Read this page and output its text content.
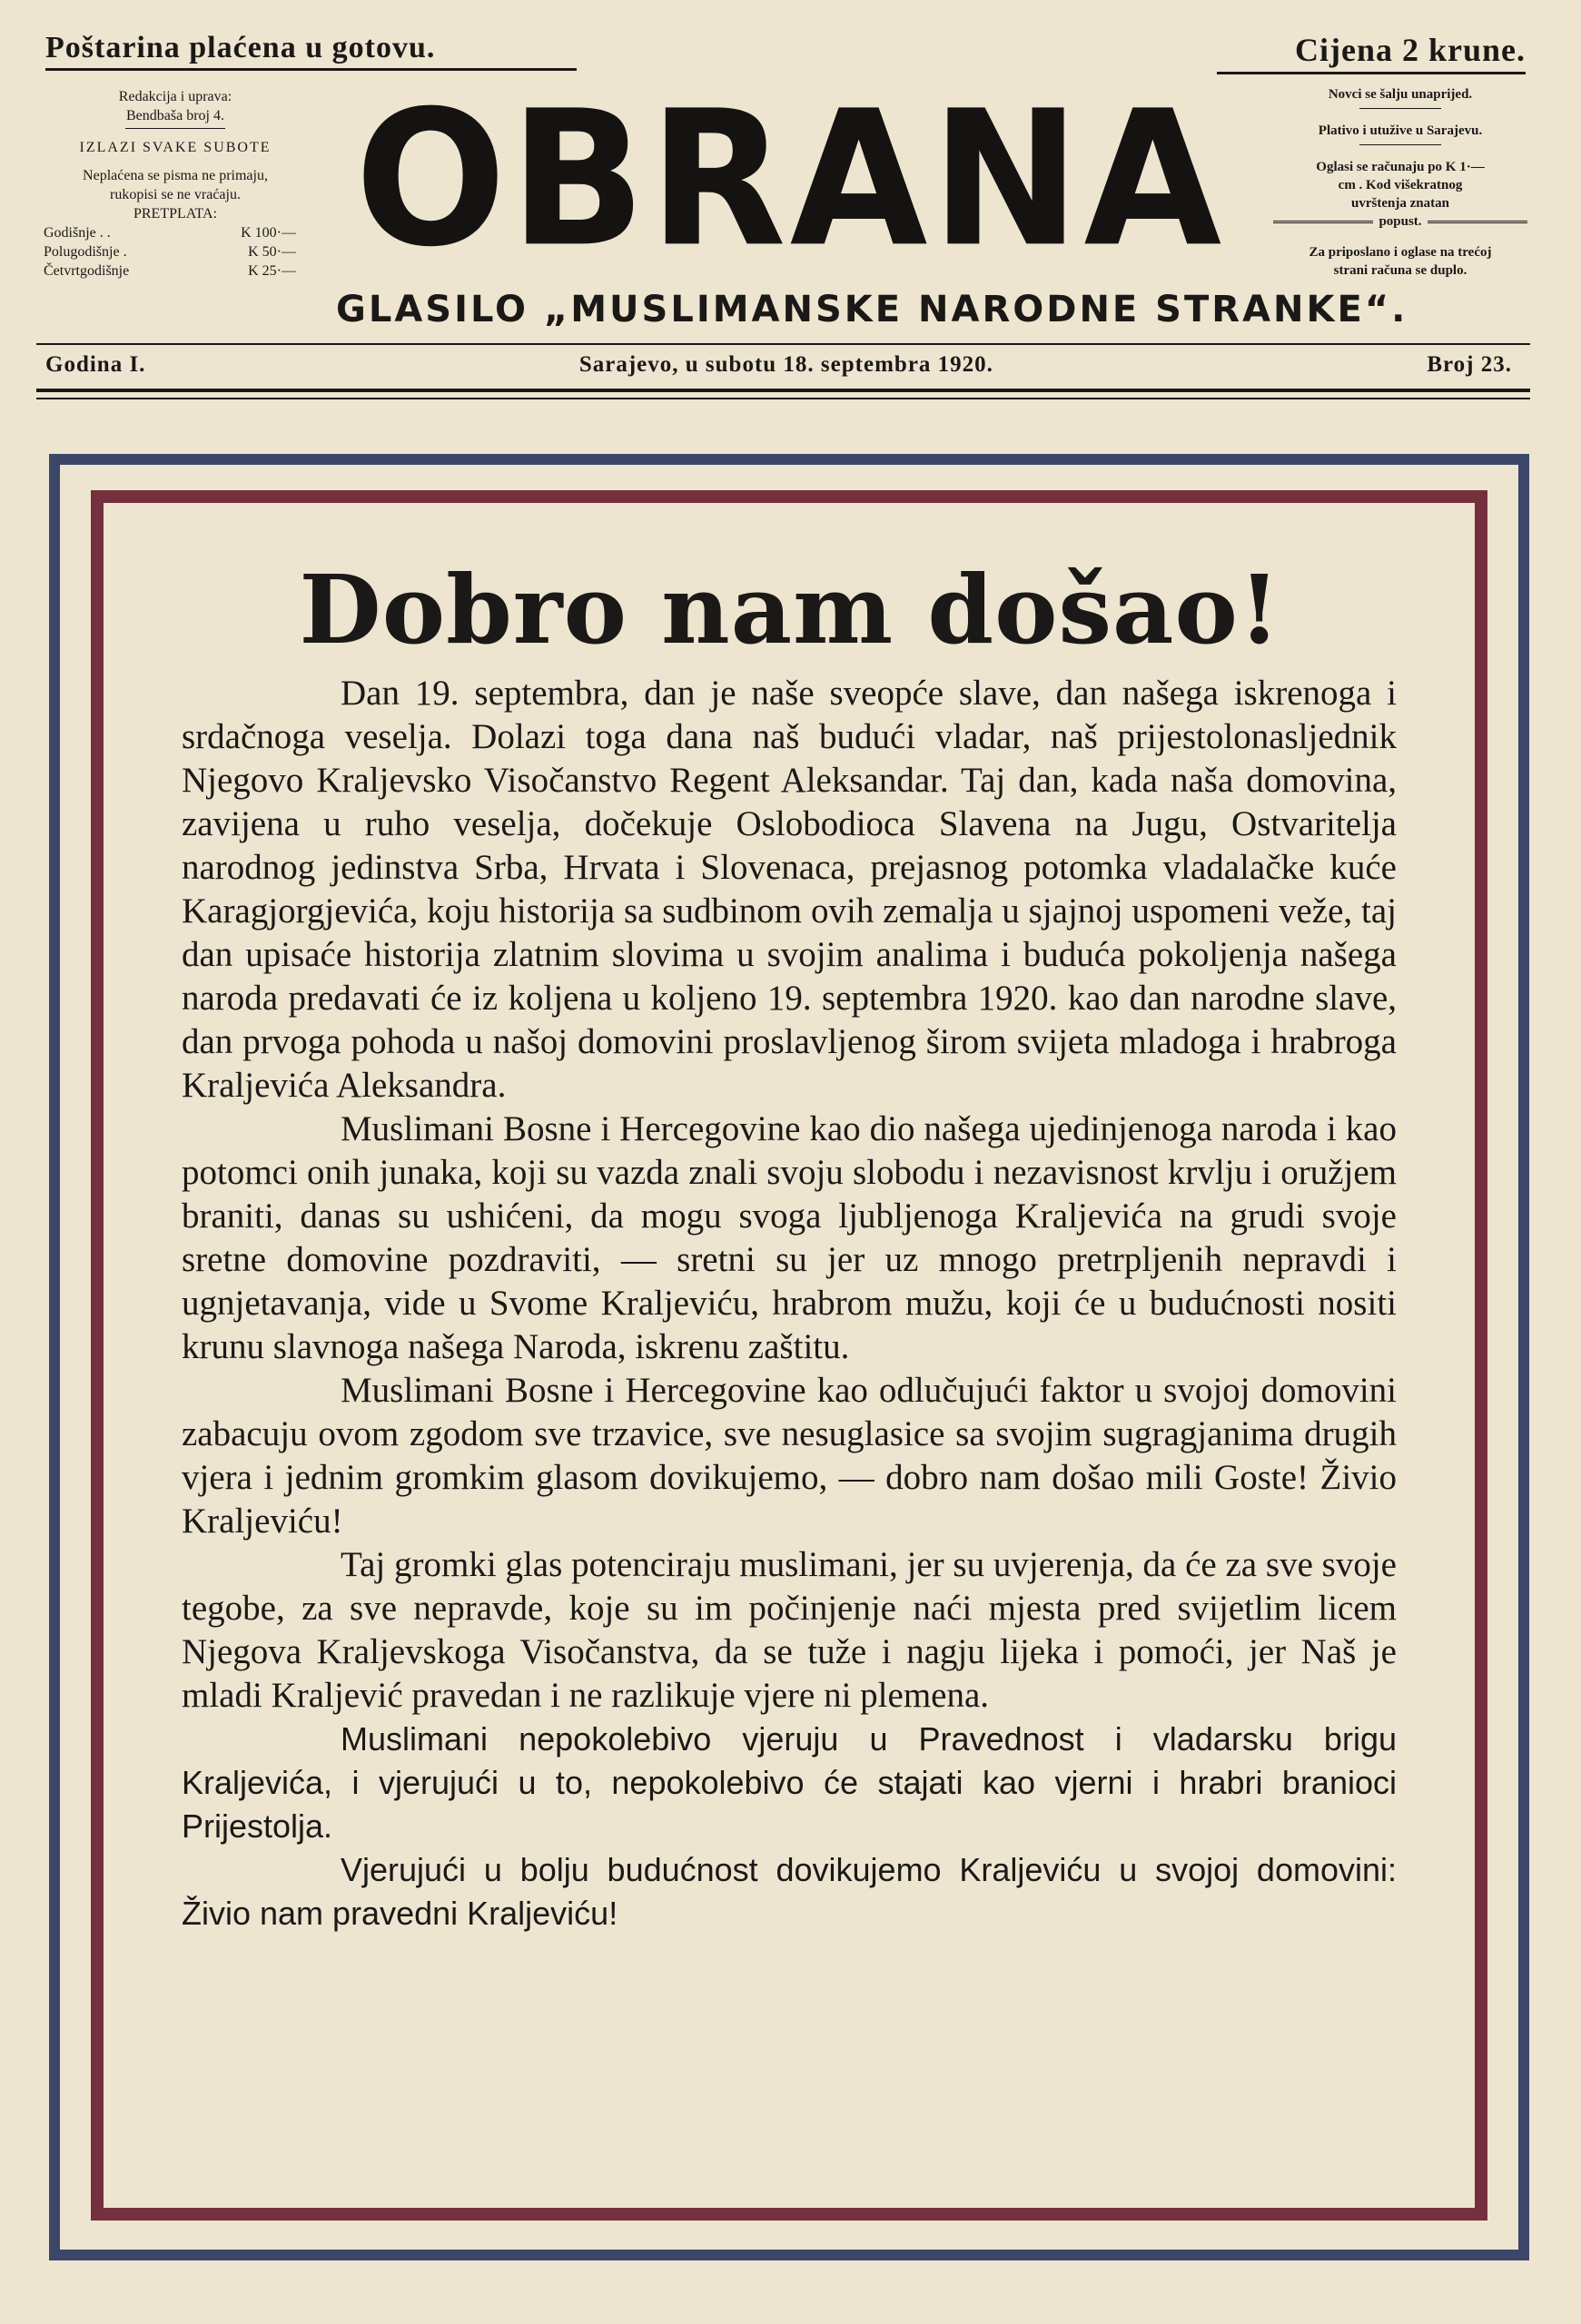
Poštarina plaćena u gotovu.	Cijena 2 krune.
Redakcija i uprava:
Bendbaša broj 4.
IZLAZI SVAKE SUBOTE
Neplaćena se pisma ne primaju,
rukopisi se ne vraćaju.
PRETPLATA:
Godišnje . .	K 100·—
Polugodišnje .	K 50·—
Četvrtgodišnje	K 25·— OBRANA
GLASILO „MUSLIMANSKE NARODNE STRANKE“.
Novci se šalju unaprijed.
Plativo i utužive u Sarajevu.
Oglasi se računaju po K 1·—
cm . Kod višekratnog
uvrštenja znatan
popust.
Za priposlano i oglase na trećoj
strani računa se duplo.
Godina I.	Sarajevo, u subotu 18. septembra 1920.	Broj 23.
Dobro nam došao!

Dan 19. septembra, dan je naše sveopće slave, dan našega iskrenoga i srdačnoga veselja. Dolazi toga dana naš budući vladar, naš prijestolonasljednik Njegovo Kraljevsko Visočanstvo Regent Aleksandar. Taj dan, kada naša domovina, zavijena u ruho veselja, dočekuje Oslobodioca Slavena na Jugu, Ostvaritelja narodnog jedinstva Srba, Hrvata i Slovenaca, prejasnog potomka vladalačke kuće Karagjorgjevića, koju historija sa sudbinom ovih zemalja u sjajnoj uspomeni veže, taj dan upisaće historija zlatnim slovima u svojim analima i buduća pokoljenja našega naroda predavati će iz koljena u koljeno 19. septembra 1920. kao dan narodne slave, dan prvoga pohoda u našoj domovini proslavljenog širom svijeta mladoga i hrabroga Kraljevića Aleksandra.

Muslimani Bosne i Hercegovine kao dio našega ujedinjenoga naroda i kao potomci onih junaka, koji su vazda znali svoju slobodu i nezavisnost krvlju i oružjem braniti, danas su ushićeni, da mogu svoga ljubljenoga Kraljevića na grudi svoje sretne domovine pozdraviti, — sretni su jer uz mnogo pretrpljenih nepravdi i ugnjetavanja, vide u Svome Kraljeviću, hrabrom mužu, koji će u budućnosti nositi krunu slavnoga našega Naroda, iskrenu zaštitu.

Muslimani Bosne i Hercegovine kao odlučujući faktor u svojoj domovini zabacuju ovom zgodom sve trzavice, sve nesuglasice sa svojim sugragjanima drugih vjera i jednim gromkim glasom dovikujemo, — dobro nam došao mili Goste! Živio Kraljeviću!

Taj gromki glas potenciraju muslimani, jer su uvjerenja, da će za sve svoje tegobe, za sve nepravde, koje su im počinjenje naći mjesta pred svijetlim licem Njegova Kraljevskoga Visočanstva, da se tuže i nagju lijeka i pomoći, jer Naš je mladi Kraljević pravedan i ne razlikuje vjere ni plemena.

Muslimani nepokolebivo vjeruju u Pravednost i vladarsku brigu Kraljevića, i vjerujući u to, nepokolebivo će stajati kao vjerni i hrabri branioci Prijestolja.

Vjerujući u bolju budućnost dovikujemo Kraljeviću u svojoj domovini: Živio nam pravedni Kraljeviću!
